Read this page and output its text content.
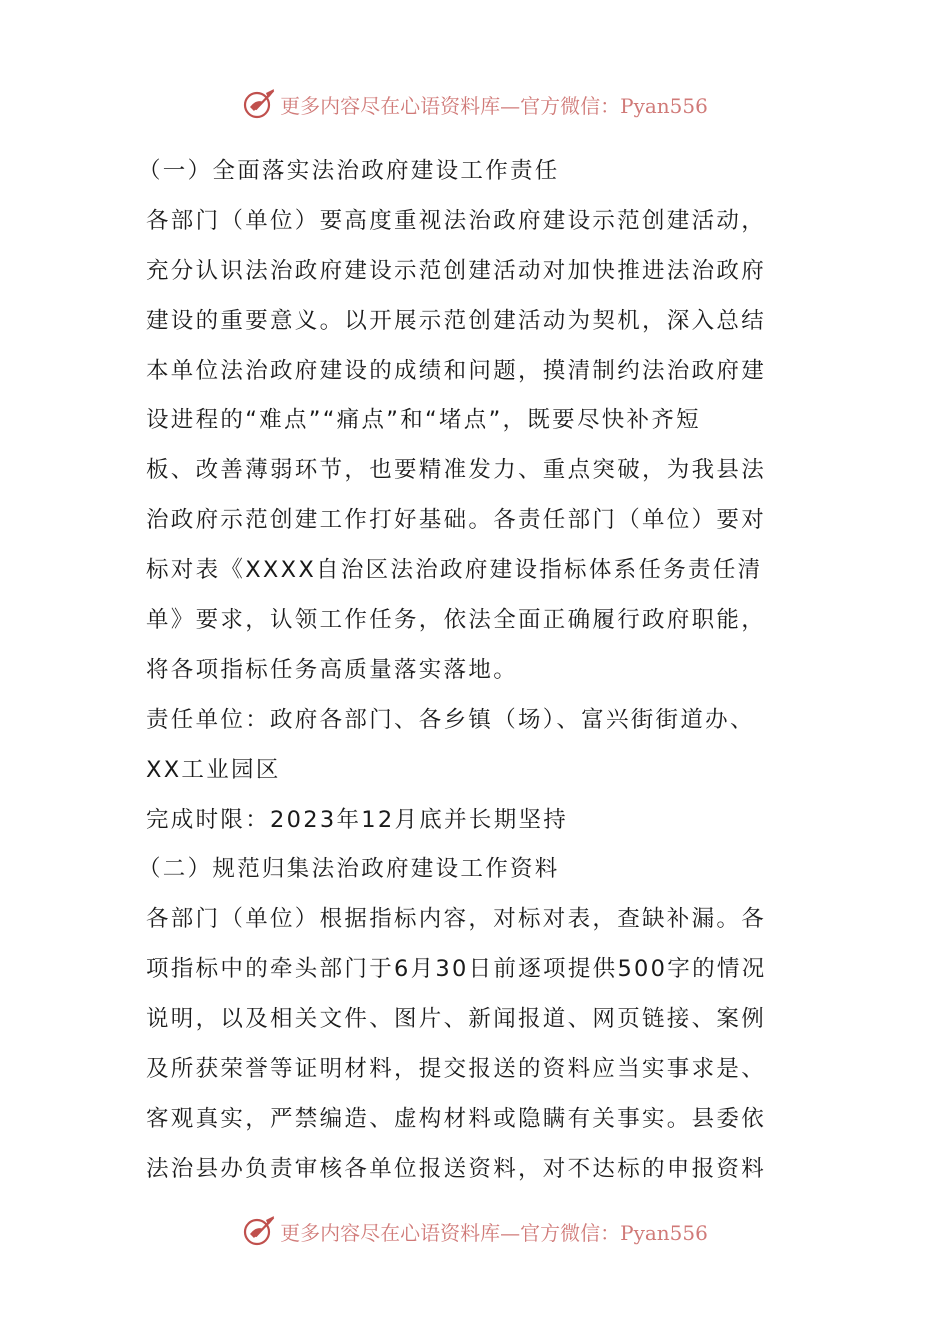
更多内容尽在心语资料库—官方微信：Pyan556
（一）全面落实法治政府建设工作责任
各部门（单位）要高度重视法治政府建设示范创建活动，
充分认识法治政府建设示范创建活动对加快推进法治政府
建设的重要意义。以开展示范创建活动为契机，深入总结
本单位法治政府建设的成绩和问题，摸清制约法治政府建
设进程的“难点”“痛点”和“堵点”，既要尽快补齐短
板、改善薄弱环节，也要精准发力、重点突破，为我县法
治政府示范创建工作打好基础。各责任部门（单位）要对
标对表《XXXX自治区法治政府建设指标体系任务责任清
单》要求，认领工作任务，依法全面正确履行政府职能，
将各项指标任务高质量落实落地。
责任单位：政府各部门、各乡镇（场）、富兴街街道办、
XX工业园区
完成时限：2023年12月底并长期坚持
（二）规范归集法治政府建设工作资料
各部门（单位）根据指标内容，对标对表，查缺补漏。各
项指标中的牵头部门于6月30日前逐项提供500字的情况
说明，以及相关文件、图片、新闻报道、网页链接、案例
及所获荣誉等证明材料，提交报送的资料应当实事求是、
客观真实，严禁编造、虚构材料或隐瞒有关事实。县委依
法治县办负责审核各单位报送资料，对不达标的申报资料
更多内容尽在心语资料库—官方微信：Pyan556
